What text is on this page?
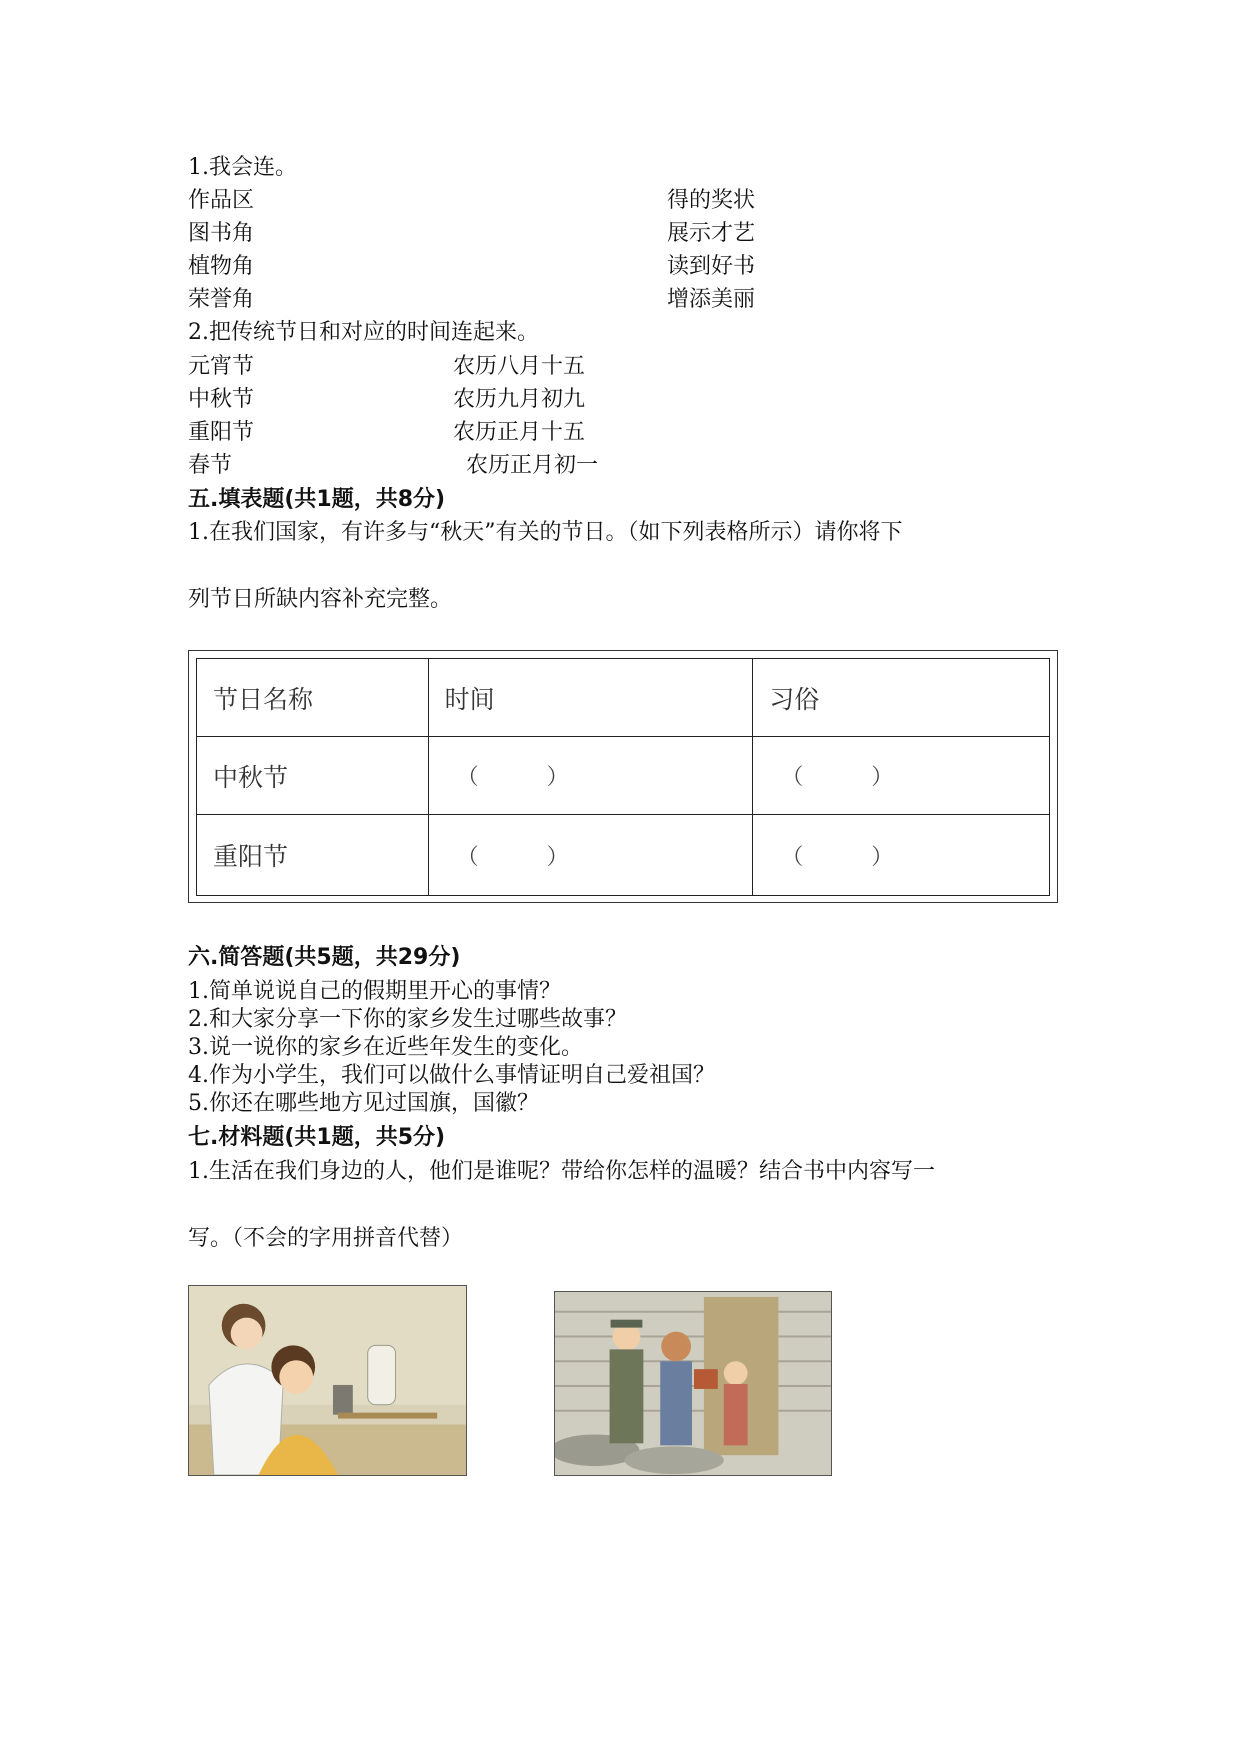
1.我会连。
作品区	得的奖状
图书角	展示才艺
植物角	读到好书
荣誉角	增添美丽
2.把传统节日和对应的时间连起来。
元宵节	农历八月十五
中秋节	农历九月初九
重阳节	农历正月十五
春节	农历正月初一
五.填表题(共1题，共8分)
1.在我们国家，有许多与“秋天”有关的节日。（如下列表格所示）请你将下
列节日所缺内容补充完整。
节日名称	时间	习俗
中秋节	（ ）	（ ）

重阳节	（ ）	（ ）
六.简答题(共5题，共29分)
1.简单说说自己的假期里开心的事情？
2.和大家分享一下你的家乡发生过哪些故事？
3.说一说你的家乡在近些年发生的变化。
4.作为小学生，我们可以做什么事情证明自己爱祖国？
5.你还在哪些地方见过国旗，国徽？
七.材料题(共1题，共5分)
1.生活在我们身边的人，他们是谁呢？带给你怎样的温暖？结合书中内容写一
写。（不会的字用拼音代替）
